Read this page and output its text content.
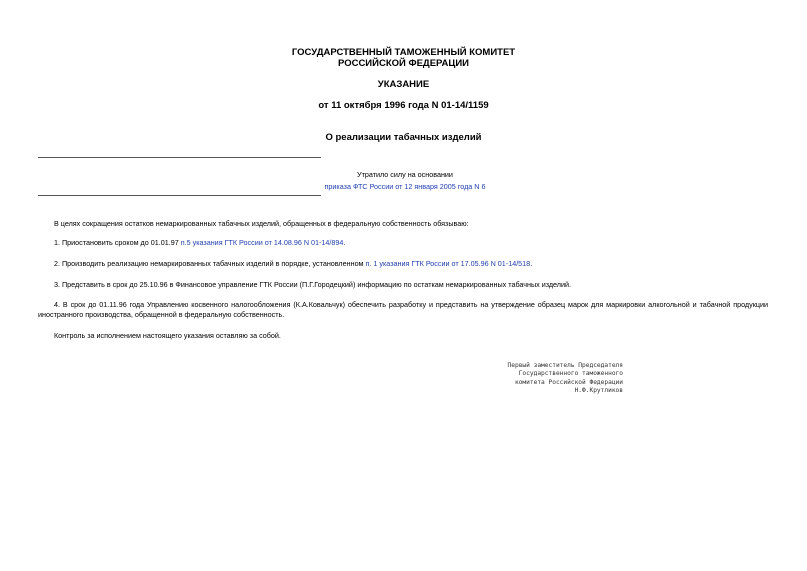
ГОСУДАРСТВЕННЫЙ ТАМОЖЕННЫЙ КОМИТЕТ
РОССИЙСКОЙ ФЕДЕРАЦИИ
УКАЗАНИЕ
от 11 октября 1996 года N 01-14/1159
О реализации табачных изделий
Утратило силу на основании
приказа ФТС России от 12 января 2005 года N 6
В целях сокращения остатков немаркированных табачных изделий, обращенных в федеральную собственность обязываю:
1. Приостановить сроком до 01.01.97 п.5 указания ГТК России от 14.08.96 N 01-14/894.
2. Производить реализацию немаркированных табачных изделий в порядке, установленном п. 1 указания ГТК России от 17.05.96 N 01-14/518.
3. Представить в срок до 25.10.96 в Финансовое управление ГТК России (П.Г.Городецкий) информацию по остаткам немаркированных табачных изделий.
4. В срок до 01.11.96 года Управлению косвенного налогообложения (К.А.Ковальчук) обеспечить разработку и представить на утверждение образец марок для маркировки алкогольной и табачной продукции иностранного производства, обращенной в федеральную собственность.
Контроль за исполнением настоящего указания оставляю за собой.
Первый заместитель Председателя
Государственного таможенного
комитета Российской Федерации
Н.Ф.Крутликов
